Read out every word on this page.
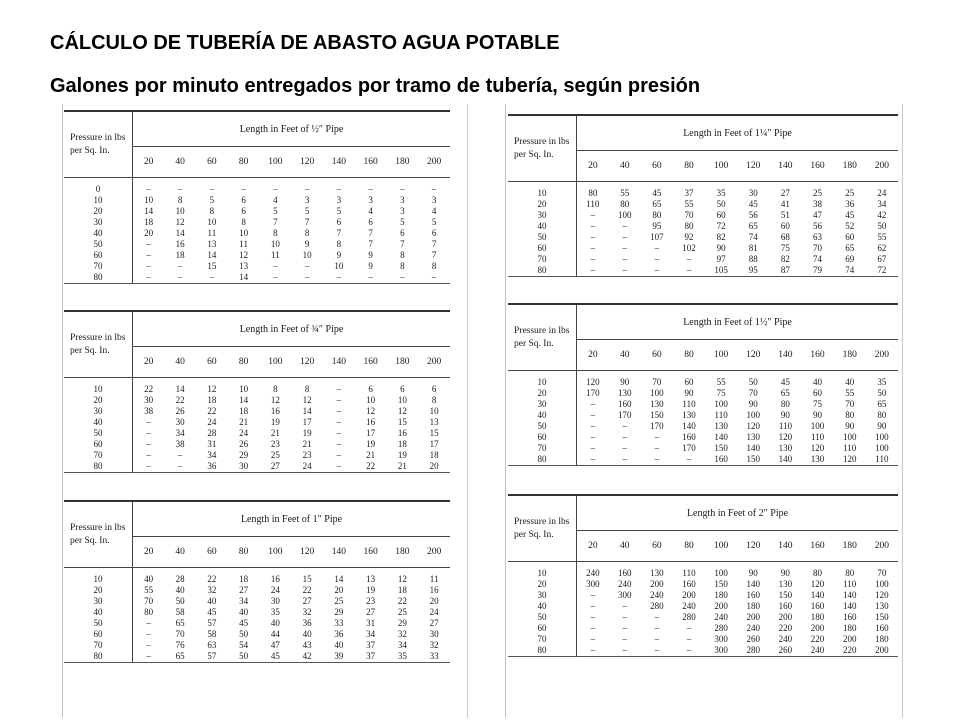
CÁLCULO DE TUBERÍA DE ABASTO AGUA POTABLE
Galones por minuto entregados por tramo de tubería, según presión
Pressure in lbs per Sq. In.	Length in Feet of ½″ Pipe									
	20	40	60	80	100	120	140	160	180	200
0	–	–	–	–	–	–	–	–	–	–
10	10	8	5	6	4	3	3	3	3	3
20	14	10	8	6	5	5	5	4	3	4
30	18	12	10	8	7	7	6	6	5	5
40	20	14	11	10	8	8	7	7	6	6
50	–	16	13	11	10	9	8	7	7	7
60	–	18	14	12	11	10	9	9	8	7
70	–	–	15	13	–	–	10	9	8	8
80	–	–	–	14	–	–	–	–	–	–
Pressure in lbs per Sq. In.	Length in Feet of ¾″ Pipe									
	20	40	60	80	100	120	140	160	180	200
10	22	14	12	10	8	8	–	6	6	6
20	30	22	18	14	12	12	–	10	10	8
30	38	26	22	18	16	14	–	12	12	10
40	–	30	24	21	19	17	–	16	15	13
50	–	34	28	24	21	19	–	17	16	15
60	–	38	31	26	23	21	–	19	18	17
70	–	–	34	29	25	23	–	21	19	18
80	–	–	36	30	27	24	–	22	21	20
Pressure in lbs per Sq. In.	Length in Feet of 1″ Pipe									
	20	40	60	80	100	120	140	160	180	200
10	40	28	22	18	16	15	14	13	12	11
20	55	40	32	27	24	22	20	19	18	16
30	70	50	40	34	30	27	25	23	22	20
40	80	58	45	40	35	32	29	27	25	24
50	–	65	57	45	40	36	33	31	29	27
60	–	70	58	50	44	40	36	34	32	30
70	–	76	63	54	47	43	40	37	34	32
80	–	65	57	50	45	42	39	37	35	33
Pressure in lbs per Sq. In.	Length in Feet of 1¼″ Pipe									
	20	40	60	80	100	120	140	160	180	200
10	80	55	45	37	35	30	27	25	25	24
20	110	80	65	55	50	45	41	38	36	34
30	–	100	80	70	60	56	51	47	45	42
40	–	–	95	80	72	65	60	56	52	50
50	–	–	107	92	82	74	68	63	60	55
60	–	–	–	102	90	81	75	70	65	62
70	–	–	–	–	97	88	82	74	69	67
80	–	–	–	–	105	95	87	79	74	72
Pressure in lbs per Sq. In.	Length in Feet of 1½″ Pipe									
	20	40	60	80	100	120	140	160	180	200
10	120	90	70	60	55	50	45	40	40	35
20	170	130	100	90	75	70	65	60	55	50
30	–	160	130	110	100	90	80	75	70	65
40	–	170	150	130	110	100	90	90	80	80
50	–	–	170	140	130	120	110	100	90	90
60	–	–	–	160	140	130	120	110	100	100
70	–	–	–	170	150	140	130	120	110	100
80	–	–	–	–	160	150	140	130	120	110
Pressure in lbs per Sq. In.	Length in Feet of 2″ Pipe									
	20	40	60	80	100	120	140	160	180	200
10	240	160	130	110	100	90	90	80	80	70
20	300	240	200	160	150	140	130	120	110	100
30	–	300	240	200	180	160	150	140	140	120
40	–	–	280	240	200	180	160	160	140	130
50	–	–	–	280	240	200	200	180	160	150
60	–	–	–	–	280	240	220	200	180	160
70	–	–	–	–	300	260	240	220	200	180
80	–	–	–	–	300	280	260	240	220	200
